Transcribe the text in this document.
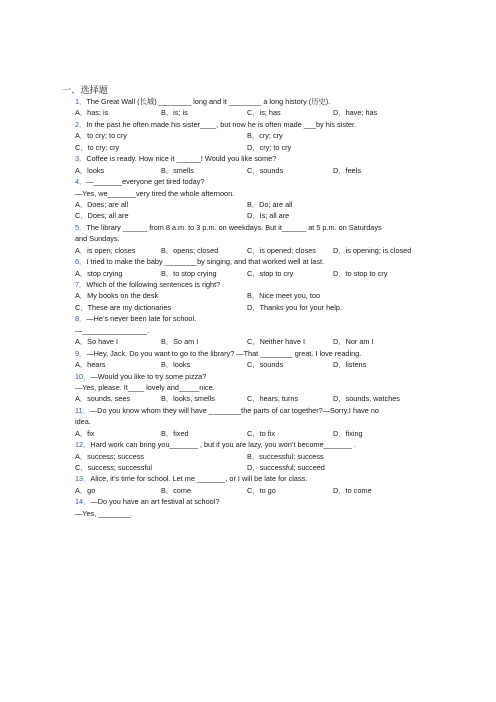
一、选择题
1．The Great Wall (长城) ________ long and it ________ a long history (历史).
A．has; is	B．is; is	C．is; has	D．have; has
2．In the past he often made his sister____, but now he is often made ___by his sister.
A．to cry; to cry	B．cry; cry
C．to cry; cry	D．cry; to cry
3．Coffee is ready. How nice it ______! Would you like some?
A．looks	B．smells	C．sounds	D．feels
4．—_______everyone get tired today?
—Yes, we_______very tired the whole afternoon.
A．Does; are all	B．Do; are all
C．Does; all are	D．Is; all are
5．The library ______ from 8 a.m. to 3 p.m. on weekdays. But it______ at 5 p.m. on Saturdays
and Sundays.
A．is open; closes	B．opens; closed	C．is opened; closes	D．is opening; is closed
6．I tried to make the baby ________by singing, and that worked well at last.
A．stop crying	B．to stop crying	C．stop to cry	D．to stop to cry
7．Which of the following sentences is right?
A．My books on the desk	B．Nice meet you, too
C．These are my dictionaries	D．Thanks you for your help.
8．—He’s never been late for school.
—________________.
A．So have I	B．So am I	C．Neither have I	D．Nor am I
9．—Hey, Jack. Do you want to go to the library? —That ________ great. I love reading.
A．hears	B．looks	C．sounds	D．listens
10．—Would you like to try some pizza?
—Yes, please. It____ lovely and_____nice.
A．sounds, sees	B．looks, smells	C．hears, turns	D．sounds, watches
11．—Do you know whom they will have ________the parts of car together?—Sorry,I have no
idea.
A．fix	B．fixed	C．to fix	D．fixing
12．Hard work can bring you_______ , but if you are lazy, you won’t become_______ .
A．success; success	B．successful; success
C．success; successful	D．successful; succeed
13．Alice, it’s time for school. Let me _______, or I will be late for class.
A．go	B．come	C．to go	D．to come
14．—Do you have an art festival at school?
—Yes, ________.
